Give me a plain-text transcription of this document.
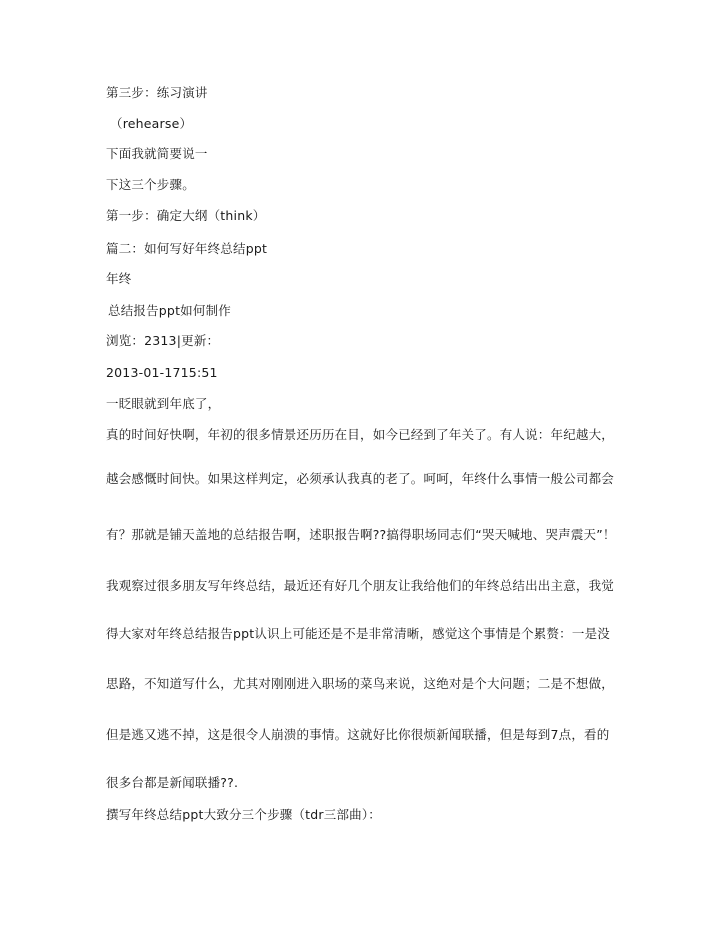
第三步：练习演讲
（rehearse）
下面我就简要说一
下这三个步骤。
第一步：确定大纲（think）
篇二：如何写好年终总结ppt
年终
总结报告ppt如何制作
浏览：2313|更新：
2013-01-1715:51
一眨眼就到年底了，
真的时间好快啊，年初的很多情景还历历在目，如今已经到了年关了。有人说：年纪越大，
越会感慨时间快。如果这样判定，必须承认我真的老了。呵呵，年终什么事情一般公司都会
有？那就是铺天盖地的总结报告啊，述职报告啊??搞得职场同志们“哭天喊地、哭声震天”！
我观察过很多朋友写年终总结，最近还有好几个朋友让我给他们的年终总结出出主意，我觉
得大家对年终总结报告ppt认识上可能还是不是非常清晰，感觉这个事情是个累赘：一是没
思路，不知道写什么，尤其对刚刚进入职场的菜鸟来说，这绝对是个大问题；二是不想做，
但是逃又逃不掉，这是很令人崩溃的事情。这就好比你很烦新闻联播，但是每到7点，看的
很多台都是新闻联播??.
撰写年终总结ppt大致分三个步骤（tdr三部曲）：
